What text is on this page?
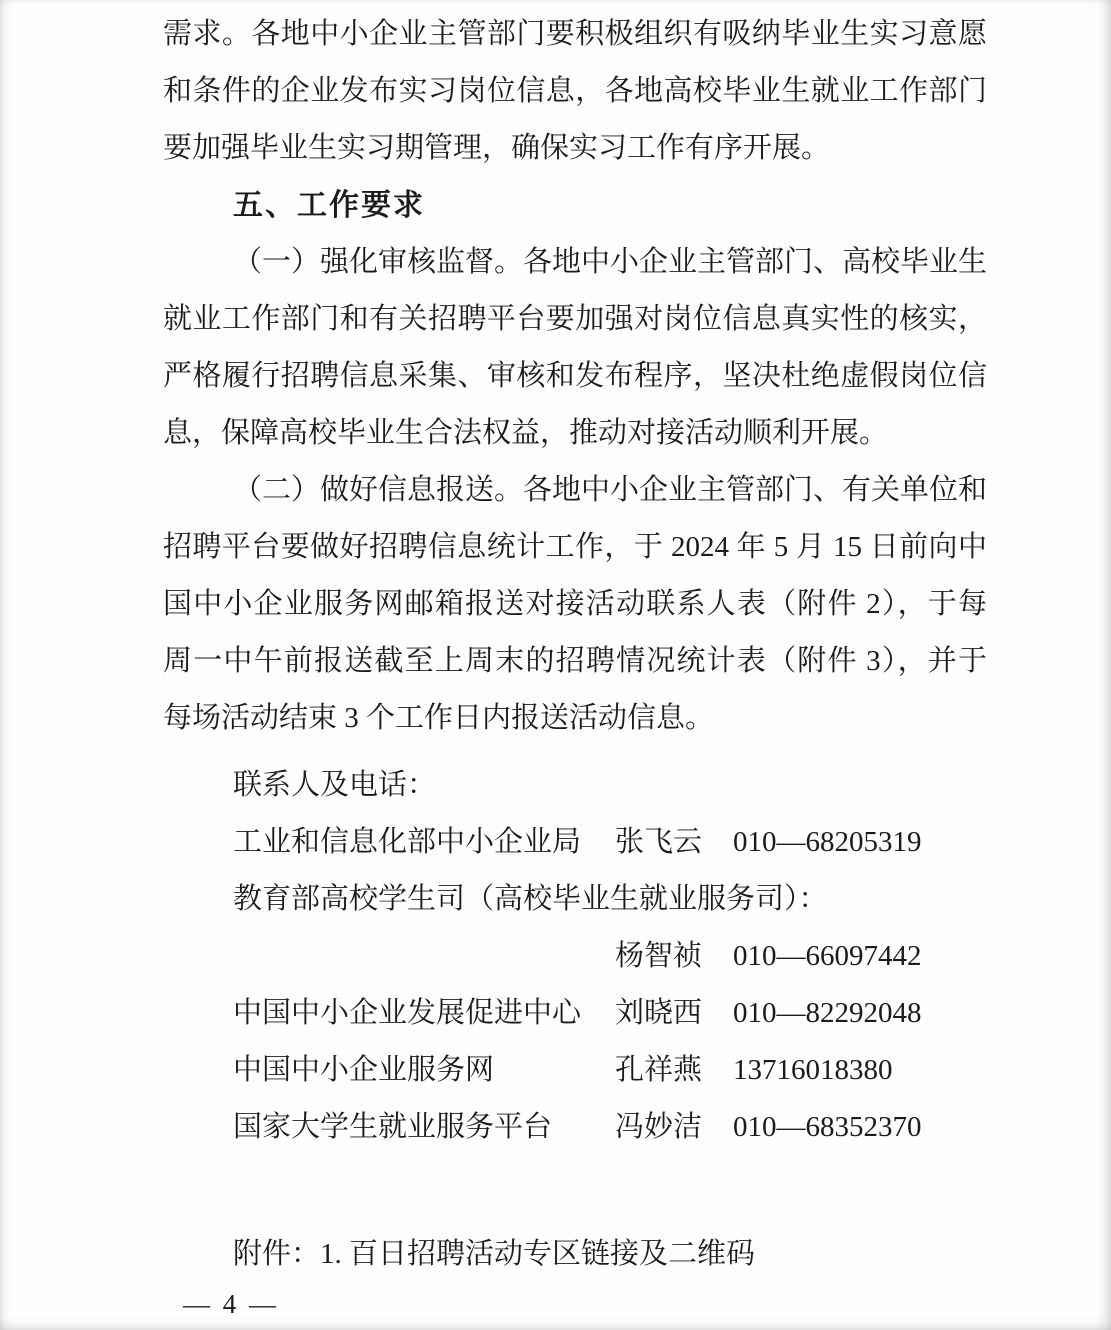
需求。各地中小企业主管部门要积极组织有吸纳毕业生实习意愿
和条件的企业发布实习岗位信息，各地高校毕业生就业工作部门
要加强毕业生实习期管理，确保实习工作有序开展。
五、工作要求
（一）强化审核监督。各地中小企业主管部门、高校毕业生
就业工作部门和有关招聘平台要加强对岗位信息真实性的核实，
严格履行招聘信息采集、审核和发布程序，坚决杜绝虚假岗位信
息，保障高校毕业生合法权益，推动对接活动顺利开展。
（二）做好信息报送。各地中小企业主管部门、有关单位和
招聘平台要做好招聘信息统计工作，于 2024 年 5 月 15 日前向中
国中小企业服务网邮箱报送对接活动联系人表（附件 2），于每
周一中午前报送截至上周末的招聘情况统计表（附件 3），并于
每场活动结束 3 个工作日内报送活动信息。
联系人及电话：
工业和信息化部中小企业局	张飞云	010—68205319
教育部高校学生司（高校毕业生就业服务司）：
杨智祯	010—66097442
中国中小企业发展促进中心	刘晓西	010—82292048
中国中小企业服务网	孔祥燕	13716018380
国家大学生就业服务平台	冯妙洁	010—68352370
附件：1. 百日招聘活动专区链接及二维码
— 4 —
